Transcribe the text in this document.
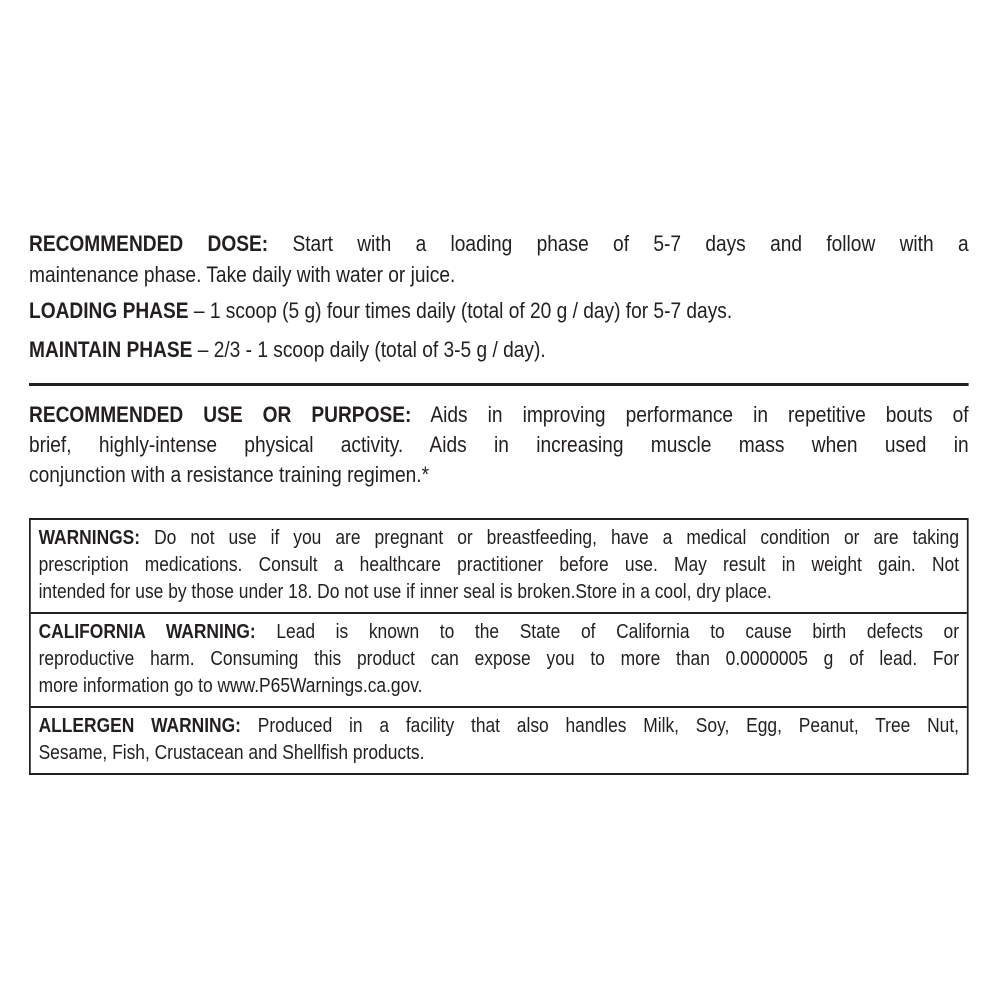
RECOMMENDED DOSE: Start with a loading phase of 5-7 days and follow with a
maintenance phase. Take daily with water or juice.
LOADING PHASE – 1 scoop (5 g) four times daily (total of 20 g / day) for 5-7 days.
MAINTAIN PHASE – 2/3 - 1 scoop daily (total of 3-5 g / day).
RECOMMENDED USE OR PURPOSE: Aids in improving performance in repetitive bouts of
brief, highly-intense physical activity. Aids in increasing muscle mass when used in
conjunction with a resistance training regimen.*
WARNINGS: Do not use if you are pregnant or breastfeeding, have a medical condition or are taking
prescription medications. Consult a healthcare practitioner before use. May result in weight gain. Not
intended for use by those under 18. Do not use if inner seal is broken.Store in a cool, dry place.
CALIFORNIA WARNING: Lead is known to the State of California to cause birth defects or
reproductive harm. Consuming this product can expose you to more than 0.0000005 g of lead. For
more information go to www.P65Warnings.ca.gov.
ALLERGEN WARNING: Produced in a facility that also handles Milk, Soy, Egg, Peanut, Tree Nut,
Sesame, Fish, Crustacean and Shellfish products.
